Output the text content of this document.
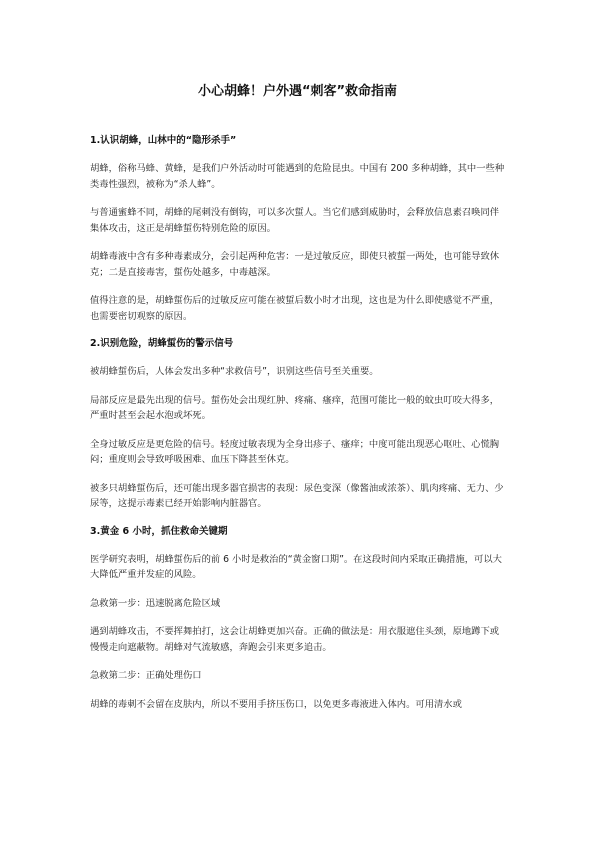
小心胡蜂！户外遇“刺客”救命指南
1.认识胡蜂，山林中的“隐形杀手”

胡蜂，俗称马蜂、黄蜂，是我们户外活动时可能遇到的危险昆虫。中国有 200 多种胡蜂，其中一些种类毒性强烈，被称为“杀人蜂”。

与普通蜜蜂不同，胡蜂的尾刺没有倒钩，可以多次蜇人。当它们感到威胁时，会释放信息素召唤同伴集体攻击，这正是胡蜂蜇伤特别危险的原因。

胡蜂毒液中含有多种毒素成分，会引起两种危害：一是过敏反应，即使只被蜇一两处，也可能导致休克；二是直接毒害，蜇伤处越多，中毒越深。

值得注意的是，胡蜂蜇伤后的过敏反应可能在被蜇后数小时才出现，这也是为什么即使感觉不严重，也需要密切观察的原因。

2.识别危险，胡蜂蜇伤的警示信号

被胡蜂蜇伤后，人体会发出多种“求救信号”，识别这些信号至关重要。

局部反应是最先出现的信号。蜇伤处会出现红肿、疼痛、瘙痒，范围可能比一般的蚊虫叮咬大得多，严重时甚至会起水泡或坏死。

全身过敏反应是更危险的信号。轻度过敏表现为全身出疹子、瘙痒；中度可能出现恶心呕吐、心慌胸闷；重度则会导致呼吸困难、血压下降甚至休克。

被多只胡蜂蜇伤后，还可能出现多器官损害的表现：尿色变深（像酱油或浓茶）、肌肉疼痛、无力、少尿等，这提示毒素已经开始影响内脏器官。

3.黄金 6 小时，抓住救命关键期

医学研究表明，胡蜂蜇伤后的前 6 小时是救治的“黄金窗口期”。在这段时间内采取正确措施，可以大大降低严重并发症的风险。

急救第一步：迅速脱离危险区域

遇到胡蜂攻击，不要挥舞拍打，这会让胡蜂更加兴奋。正确的做法是：用衣服遮住头颈，原地蹲下或慢慢走向遮蔽物。胡蜂对气流敏感，奔跑会引来更多追击。

急救第二步：正确处理伤口

胡蜂的毒刺不会留在皮肤内，所以不要用手挤压伤口，以免更多毒液进入体内。可用清水或
